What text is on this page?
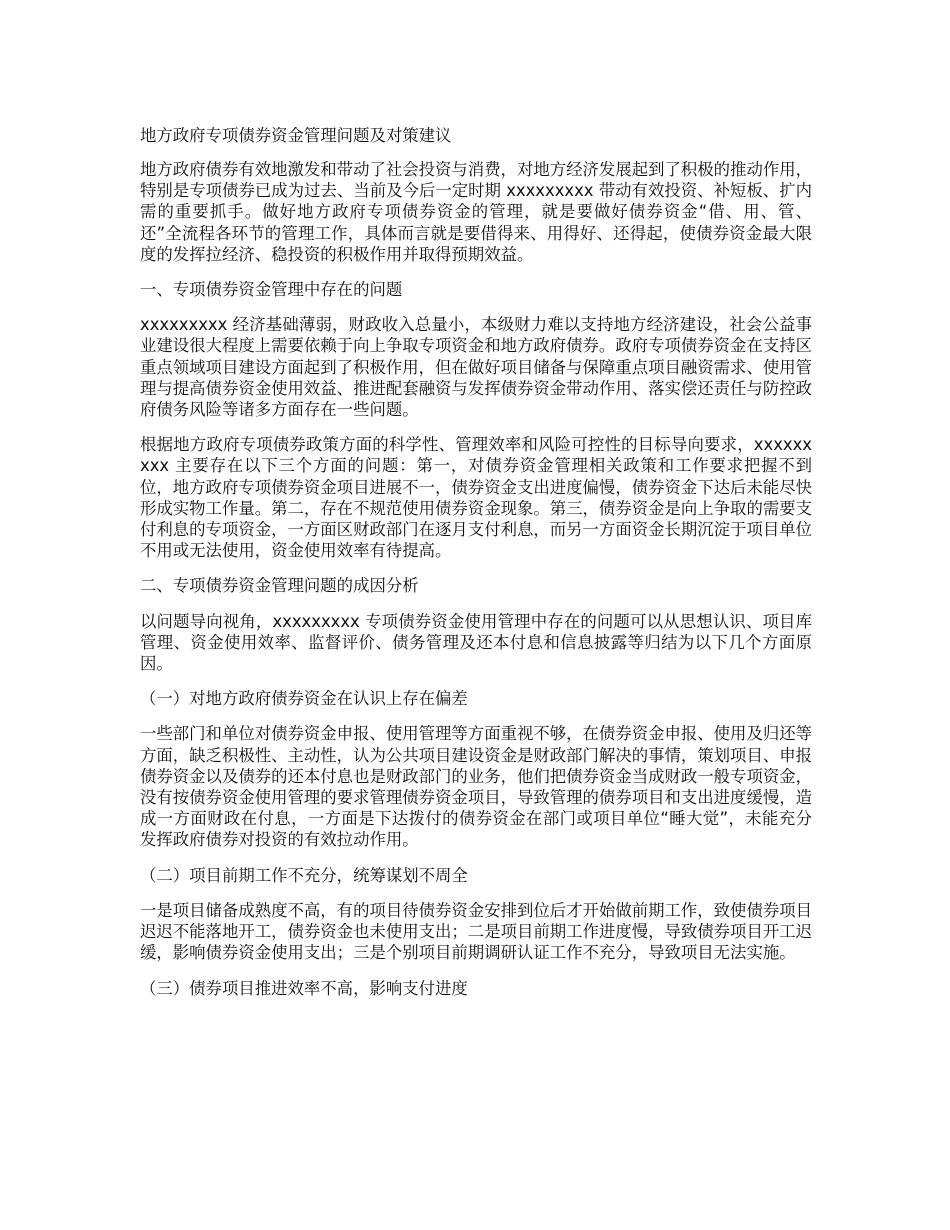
地方政府专项债券资金管理问题及对策建议

地方政府债券有效地激发和带动了社会投资与消费，对地方经济发展起到了积极的推动作用，特别是专项债券已成为过去、当前及今后一定时期 xxxxxxxxx 带动有效投资、补短板、扩内需的重要抓手。做好地方政府专项债券资金的管理，就是要做好债券资金“借、用、管、还”全流程各环节的管理工作，具体而言就是要借得来、用得好、还得起，使债券资金最大限度的发挥拉经济、稳投资的积极作用并取得预期效益。

一、专项债券资金管理中存在的问题

xxxxxxxxx 经济基础薄弱，财政收入总量小，本级财力难以支持地方经济建设，社会公益事业建设很大程度上需要依赖于向上争取专项资金和地方政府债券。政府专项债券资金在支持区重点领域项目建设方面起到了积极作用，但在做好项目储备与保障重点项目融资需求、使用管理与提高债券资金使用效益、推进配套融资与发挥债券资金带动作用、落实偿还责任与防控政府债务风险等诸多方面存在一些问题。

根据地方政府专项债券政策方面的科学性、管理效率和风险可控性的目标导向要求，xxxxxxxxx 主要存在以下三个方面的问题：第一，对债券资金管理相关政策和工作要求把握不到位，地方政府专项债券资金项目进展不一，债券资金支出进度偏慢，债券资金下达后未能尽快形成实物工作量。第二，存在不规范使用债券资金现象。第三，债券资金是向上争取的需要支付利息的专项资金，一方面区财政部门在逐月支付利息，而另一方面资金长期沉淀于项目单位不用或无法使用，资金使用效率有待提高。

二、专项债券资金管理问题的成因分析

以问题导向视角，xxxxxxxxx 专项债券资金使用管理中存在的问题可以从思想认识、项目库管理、资金使用效率、监督评价、债务管理及还本付息和信息披露等归结为以下几个方面原因。

（一）对地方政府债券资金在认识上存在偏差

一些部门和单位对债券资金申报、使用管理等方面重视不够，在债券资金申报、使用及归还等方面，缺乏积极性、主动性，认为公共项目建设资金是财政部门解决的事情，策划项目、申报债券资金以及债券的还本付息也是财政部门的业务，他们把债券资金当成财政一般专项资金，没有按债券资金使用管理的要求管理债券资金项目，导致管理的债券项目和支出进度缓慢，造成一方面财政在付息，一方面是下达拨付的债券资金在部门或项目单位“睡大觉”，未能充分发挥政府债券对投资的有效拉动作用。

（二）项目前期工作不充分，统筹谋划不周全

一是项目储备成熟度不高，有的项目待债券资金安排到位后才开始做前期工作，致使债券项目迟迟不能落地开工，债券资金也未使用支出；二是项目前期工作进度慢，导致债券项目开工迟缓，影响债券资金使用支出；三是个别项目前期调研认证工作不充分，导致项目无法实施。

（三）债券项目推进效率不高，影响支付进度
